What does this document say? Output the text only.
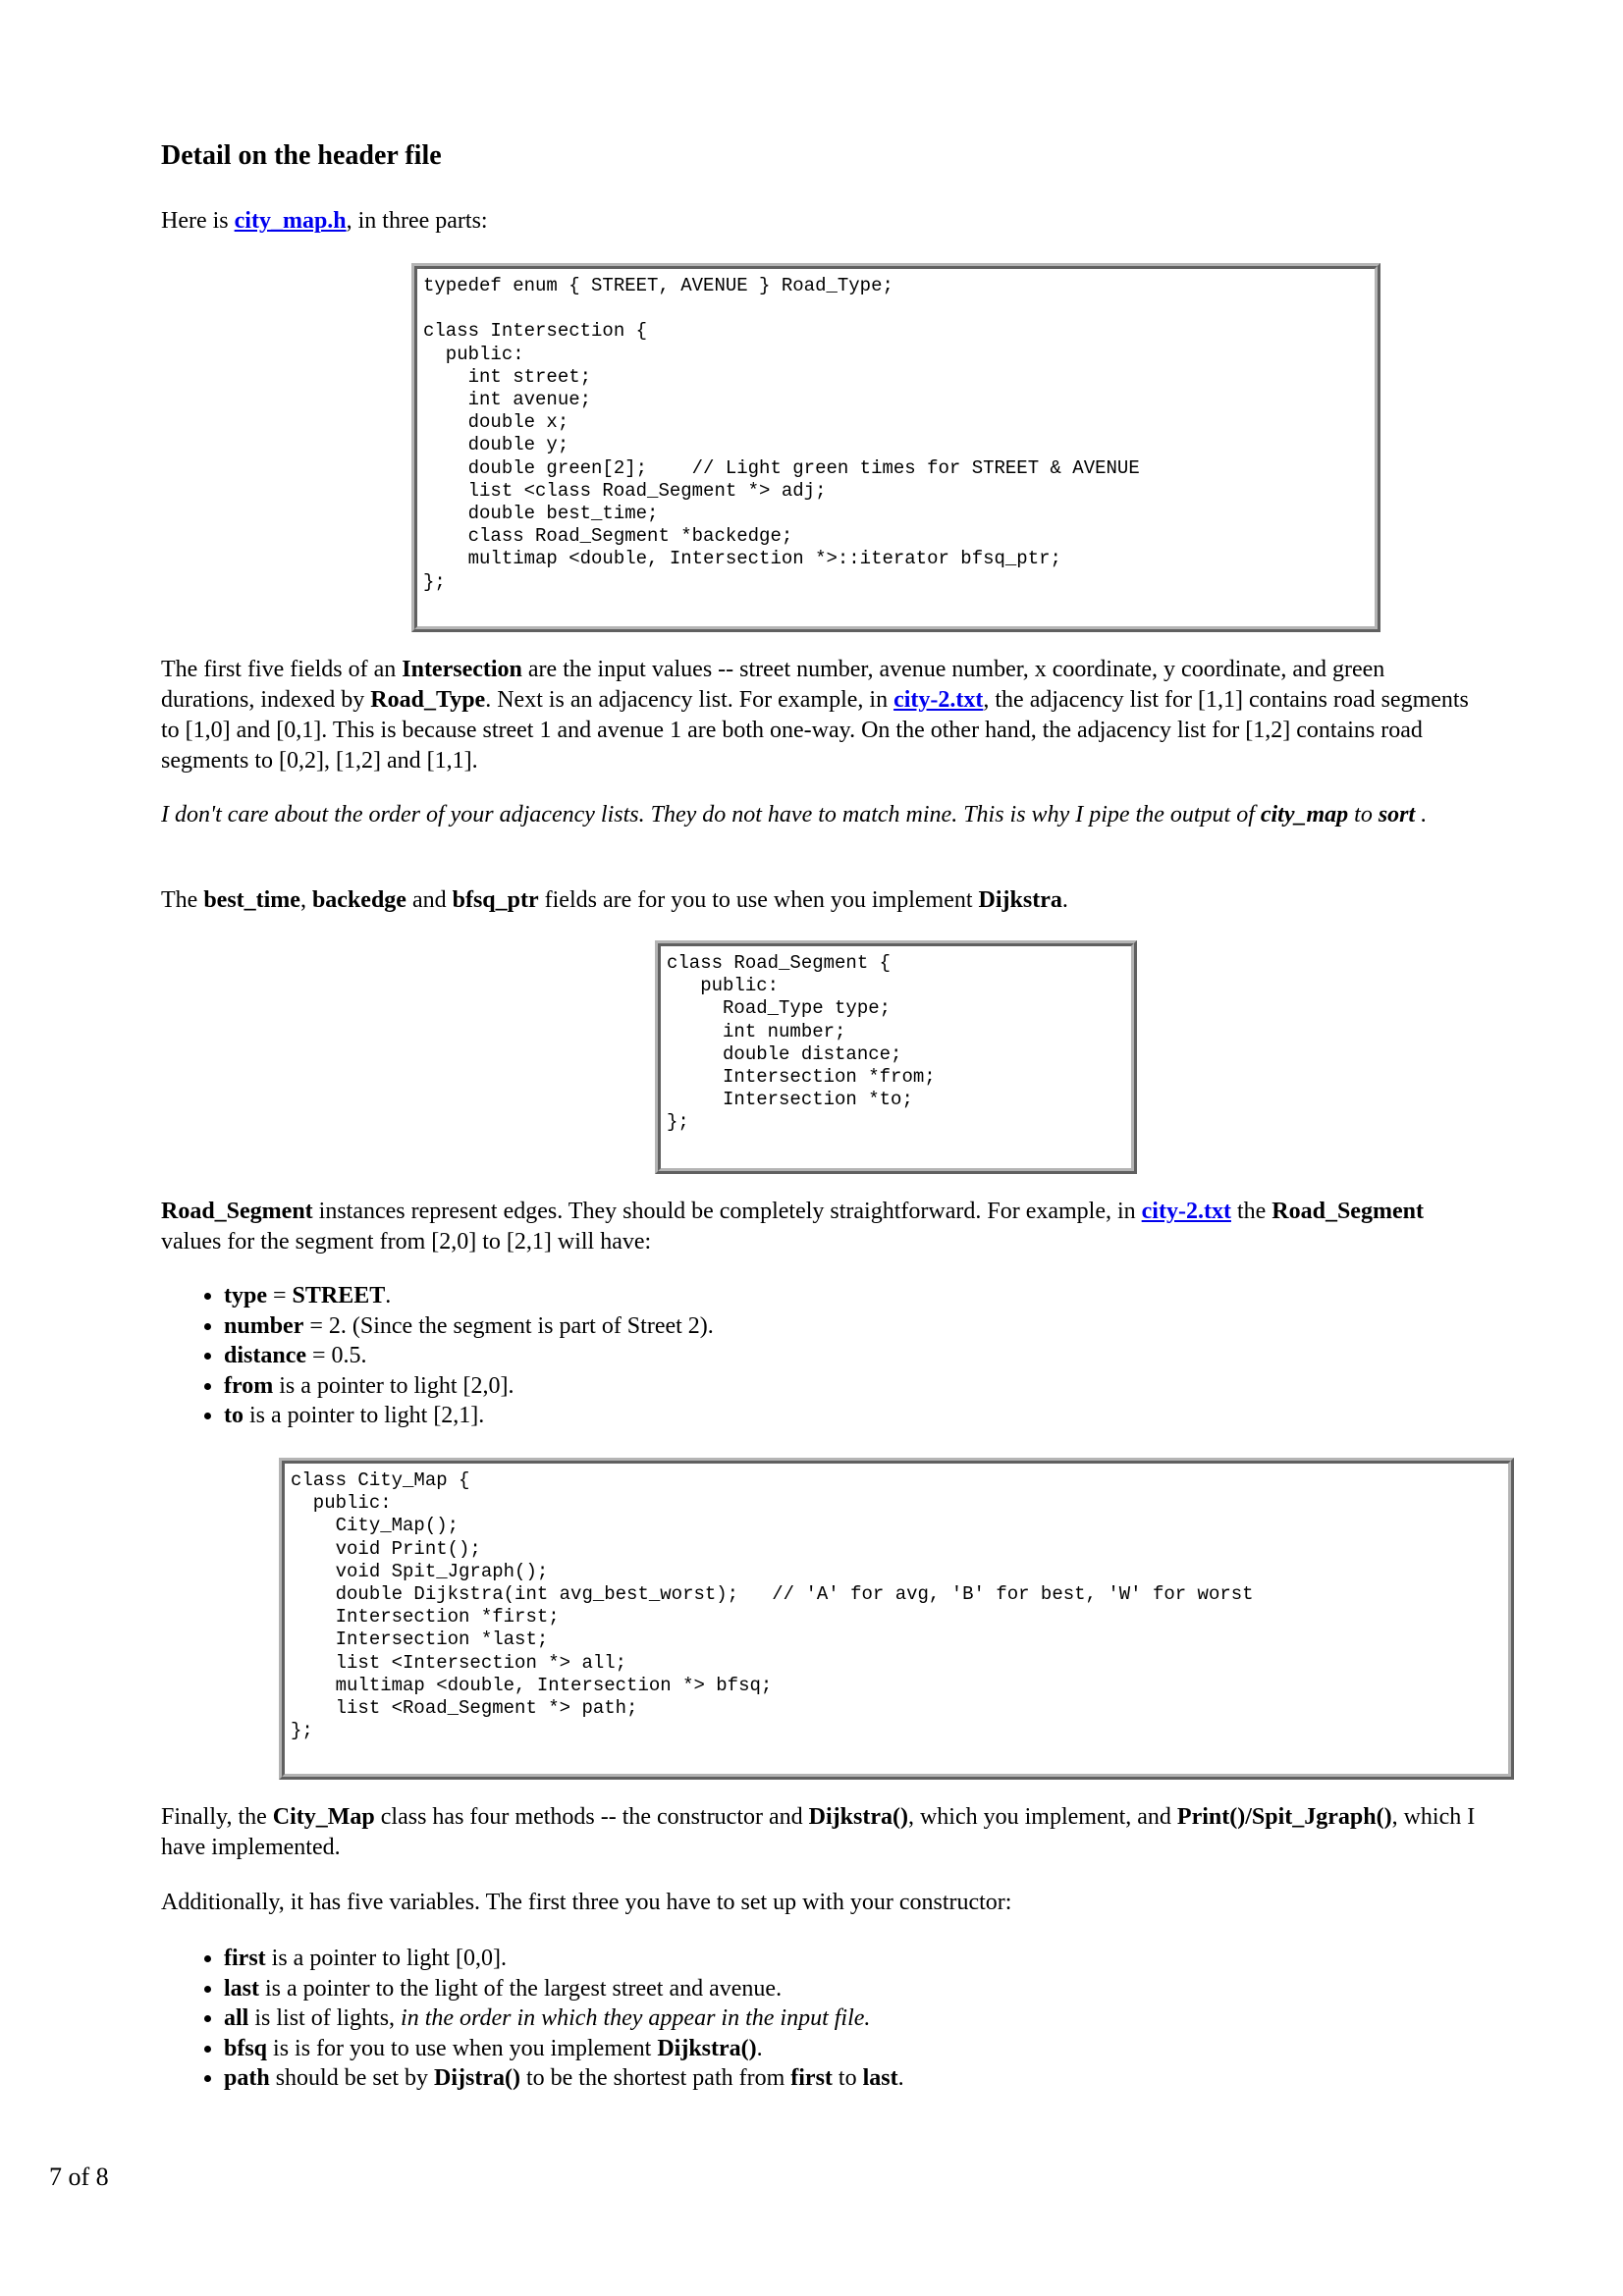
Detail on the header file

Here is city_map.h, in three parts:

typedef enum { STREET, AVENUE } Road_Type;

class Intersection {
public:
int street;
int avenue;
double x;
double y;
double green[2];    // Light green times for STREET & AVENUE
list <class Road_Segment *> adj;
double best_time;
class Road_Segment *backedge;
multimap <double, Intersection *>::iterator bfsq_ptr;
};

The first five fields of an Intersection are the input values -- street number, avenue number, x coordinate, y coordinate, and green durations, indexed by Road_Type. Next is an adjacency list. For example, in city-2.txt, the adjacency list for [1,1] contains road segments to [1,0] and [0,1]. This is because street 1 and avenue 1 are both one-way. On the other hand, the adjacency list for [1,2] contains road segments to [0,2], [1,2] and [1,1].

I don't care about the order of your adjacency lists. They do not have to match mine. This is why I pipe the output of city_map to sort .

The best_time, backedge and bfsq_ptr fields are for you to use when you implement Dijkstra.

class Road_Segment {
public:
Road_Type type;
int number;
double distance;
Intersection *from;
Intersection *to;
};

Road_Segment instances represent edges. They should be completely straightforward. For example, in city-2.txt the Road_Segment values for the segment from [2,0] to [2,1] will have:

• type = STREET.
• number = 2. (Since the segment is part of Street 2).
• distance = 0.5.
• from is a pointer to light [2,0].
• to is a pointer to light [2,1].
class City_Map {
public:
City_Map();
void Print();
void Spit_Jgraph();
double Dijkstra(int avg_best_worst);   // 'A' for avg, 'B' for best, 'W' for worst
Intersection *first;
Intersection *last;
list <Intersection *> all;
multimap <double, Intersection *> bfsq;
list <Road_Segment *> path;
};

Finally, the City_Map class has four methods -- the constructor and Dijkstra(), which you implement, and Print()/Spit_Jgraph(), which I have implemented.

Additionally, it has five variables. The first three you have to set up with your constructor:

• first is a pointer to light [0,0].
• last is a pointer to the light of the largest street and avenue.
• all is list of lights, in the order in which they appear in the input file.
• bfsq is is for you to use when you implement Dijkstra().
• path should be set by Dijstra() to be the shortest path from first to last.
7 of 8
